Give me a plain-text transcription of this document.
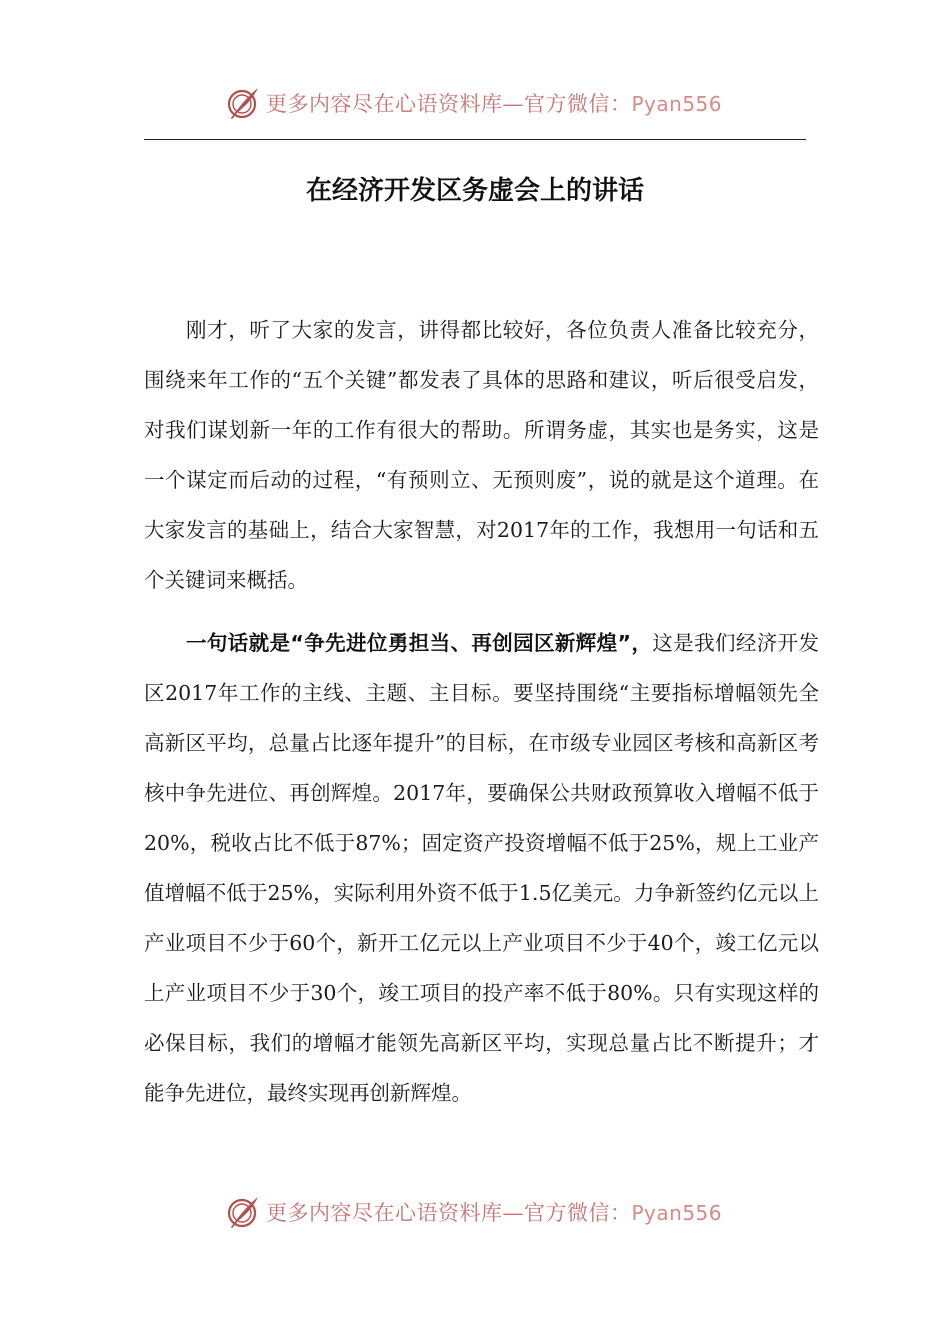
更多内容尽在心语资料库—官方微信：Pyan556
在经济开发区务虚会上的讲话

刚才，听了大家的发言，讲得都比较好，各位负责人准备比较充分，围绕来年工作的“五个关键”都发表了具体的思路和建议，听后很受启发，对我们谋划新一年的工作有很大的帮助。所谓务虚，其实也是务实，这是一个谋定而后动的过程，“有预则立、无预则废”，说的就是这个道理。在大家发言的基础上，结合大家智慧，对2017年的工作，我想用一句话和五个关键词来概括。

一句话就是“争先进位勇担当、再创园区新辉煌”，这是我们经济开发区2017年工作的主线、主题、主目标。要坚持围绕“主要指标增幅领先全高新区平均，总量占比逐年提升”的目标，在市级专业园区考核和高新区考核中争先进位、再创辉煌。2017年，要确保公共财政预算收入增幅不低于20%，税收占比不低于87%；固定资产投资增幅不低于25%，规上工业产值增幅不低于25%，实际利用外资不低于1.5亿美元。力争新签约亿元以上产业项目不少于60个，新开工亿元以上产业项目不少于40个，竣工亿元以上产业项目不少于30个，竣工项目的投产率不低于80%。只有实现这样的必保目标，我们的增幅才能领先高新区平均，实现总量占比不断提升；才能争先进位，最终实现再创新辉煌。

更多内容尽在心语资料库—官方微信：Pyan556
